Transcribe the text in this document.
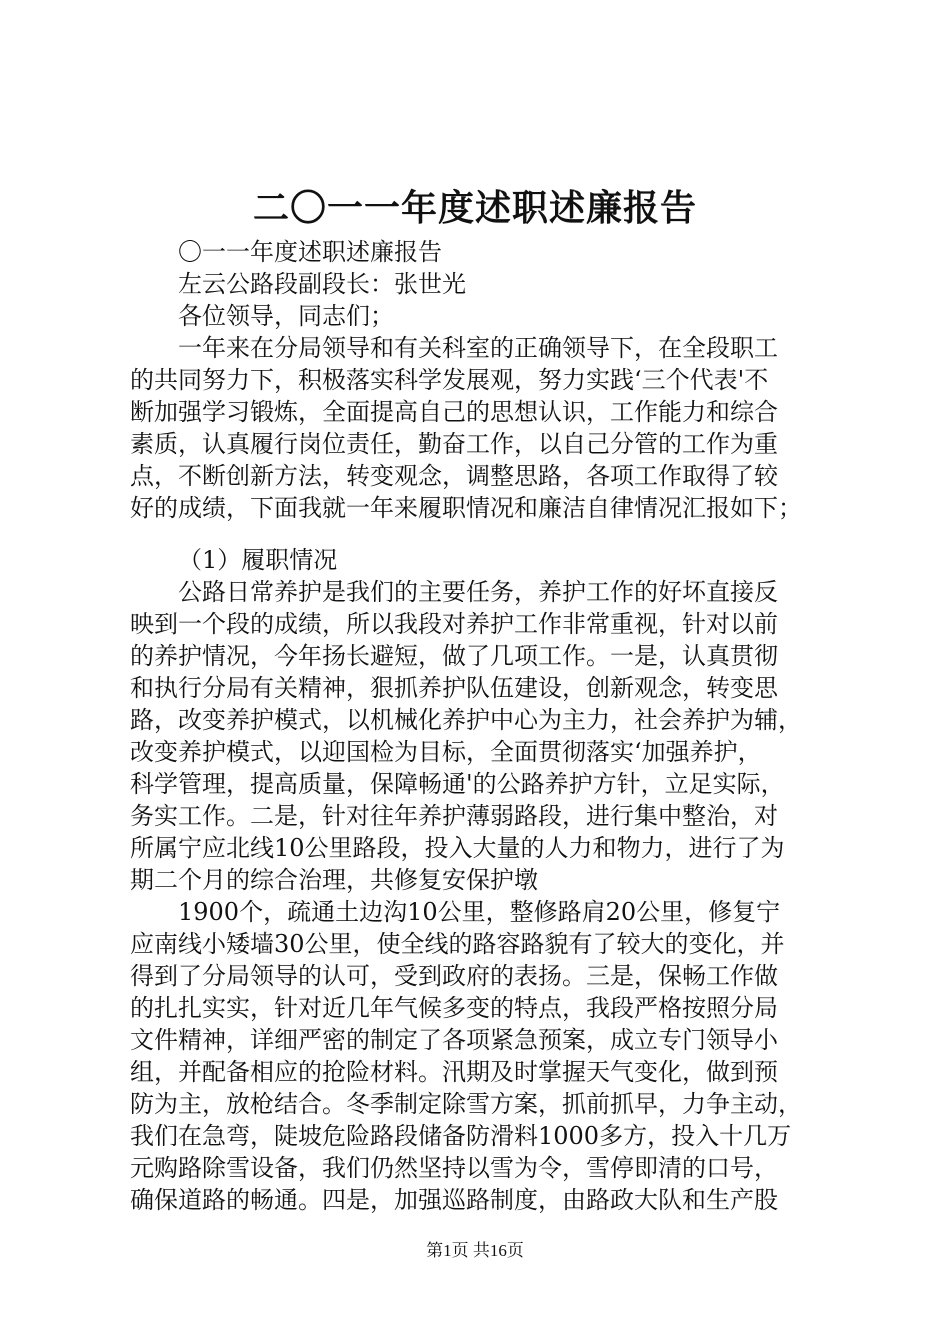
二〇一一年度述职述廉报告
〇一一年度述职述廉报告
左云公路段副段长：张世光
各位领导，同志们；
一年来在分局领导和有关科室的正确领导下，在全段职工
的共同努力下，积极落实科学发展观，努力实践‘三个代表'不
断加强学习锻炼，全面提高自己的思想认识，工作能力和综合
素质，认真履行岗位责任，勤奋工作，以自己分管的工作为重
点，不断创新方法，转变观念，调整思路，各项工作取得了较
好的成绩，下面我就一年来履职情况和廉洁自律情况汇报如下；
（1）履职情况
公路日常养护是我们的主要任务，养护工作的好坏直接反
映到一个段的成绩，所以我段对养护工作非常重视，针对以前
的养护情况，今年扬长避短，做了几项工作。一是，认真贯彻
和执行分局有关精神，狠抓养护队伍建设，创新观念，转变思
路，改变养护模式，以机械化养护中心为主力，社会养护为辅，
改变养护模式，以迎国检为目标，全面贯彻落实‘加强养护，
科学管理，提高质量，保障畅通'的公路养护方针，立足实际，
务实工作。二是，针对往年养护薄弱路段，进行集中整治，对
所属宁应北线10公里路段，投入大量的人力和物力，进行了为
期二个月的综合治理，共修复安保护墩
1900个，疏通土边沟10公里，整修路肩20公里，修复宁
应南线小矮墙30公里，使全线的路容路貌有了较大的变化，并
得到了分局领导的认可，受到政府的表扬。三是，保畅工作做
的扎扎实实，针对近几年气候多变的特点，我段严格按照分局
文件精神，详细严密的制定了各项紧急预案，成立专门领导小
组，并配备相应的抢险材料。汛期及时掌握天气变化，做到预
防为主，放枪结合。冬季制定除雪方案，抓前抓早，力争主动，
我们在急弯，陡坡危险路段储备防滑料1000多方，投入十几万
元购路除雪设备，我们仍然坚持以雪为令，雪停即清的口号，
确保道路的畅通。四是，加强巡路制度，由路政大队和生产股
第1页 共16页
